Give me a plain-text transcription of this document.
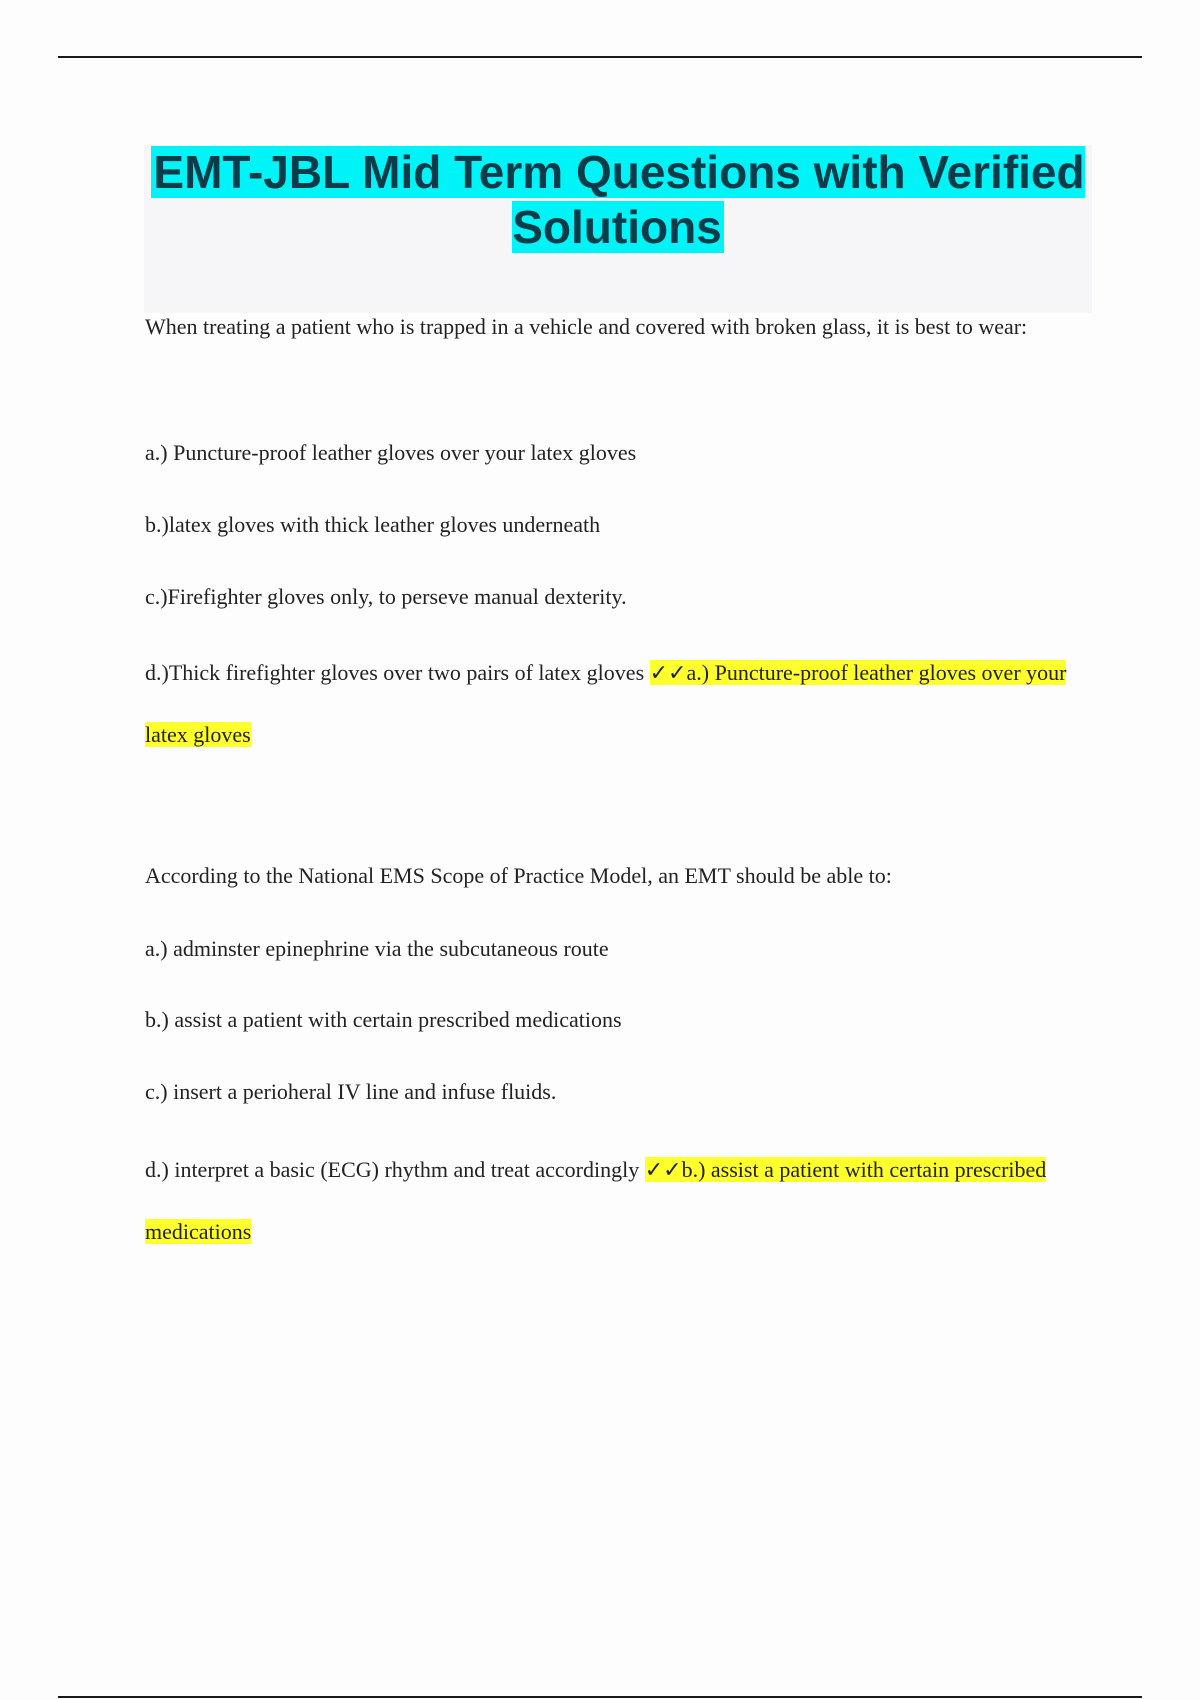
EMT-JBL Mid Term Questions with Verified Solutions

When treating a patient who is trapped in a vehicle and covered with broken glass, it is best to wear:

a.) Puncture-proof leather gloves over your latex gloves

b.)latex gloves with thick leather gloves underneath

c.)Firefighter gloves only, to perseve manual dexterity.

d.)Thick firefighter gloves over two pairs of latex gloves ✓✓a.) Puncture-proof leather gloves over your latex gloves

According to the National EMS Scope of Practice Model, an EMT should be able to:

a.) adminster epinephrine via the subcutaneous route

b.) assist a patient with certain prescribed medications

c.) insert a perioheral IV line and infuse fluids.

d.) interpret a basic (ECG) rhythm and treat accordingly ✓✓b.) assist a patient with certain prescribed medications
